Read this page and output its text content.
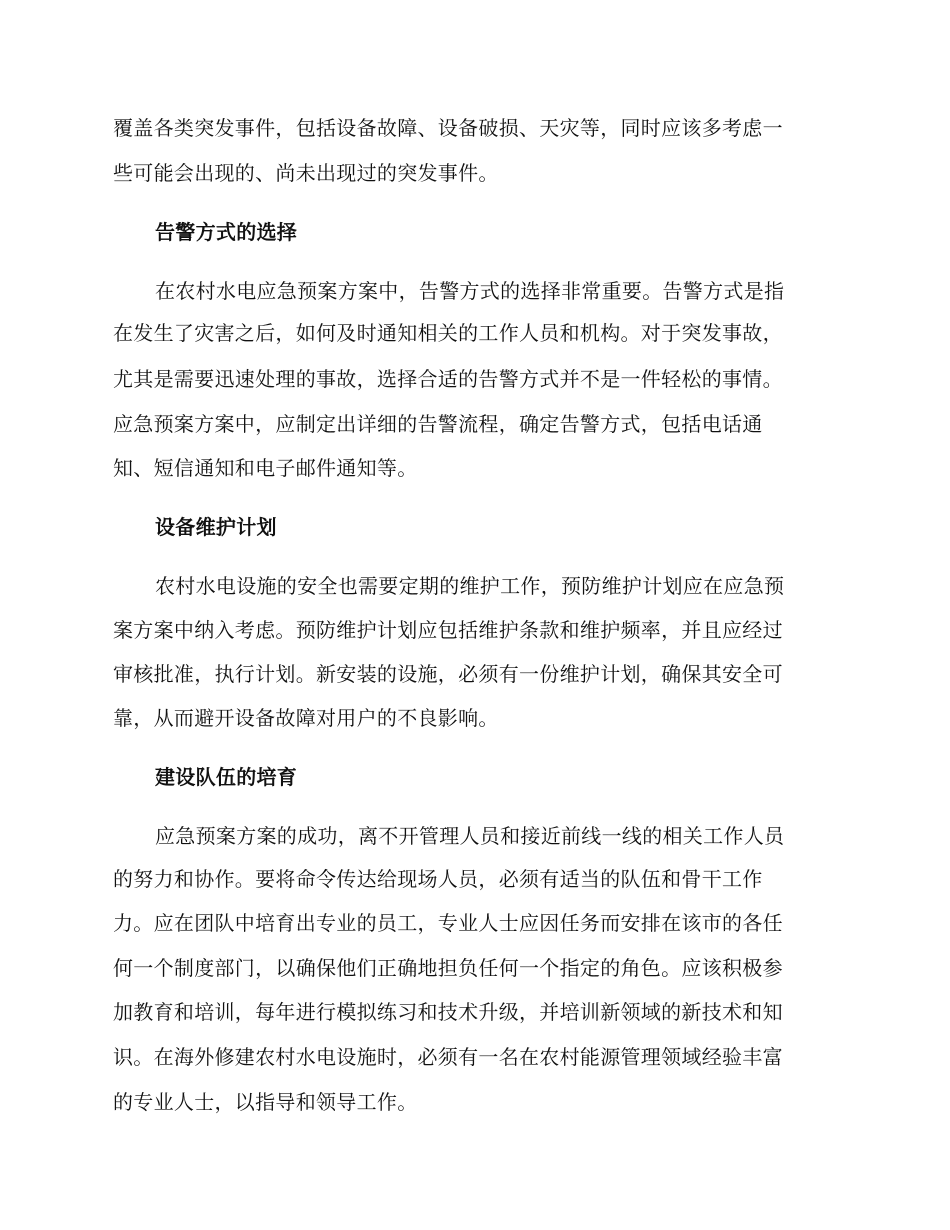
覆盖各类突发事件，包括设备故障、设备破损、天灾等，同时应该多考虑一
些可能会出现的、尚未出现过的突发事件。
告警方式的选择
在农村水电应急预案方案中，告警方式的选择非常重要。告警方式是指
在发生了灾害之后，如何及时通知相关的工作人员和机构。对于突发事故，
尤其是需要迅速处理的事故，选择合适的告警方式并不是一件轻松的事情。
应急预案方案中，应制定出详细的告警流程，确定告警方式，包括电话通
知、短信通知和电子邮件通知等。
设备维护计划
农村水电设施的安全也需要定期的维护工作，预防维护计划应在应急预
案方案中纳入考虑。预防维护计划应包括维护条款和维护频率，并且应经过
审核批准，执行计划。新安装的设施，必须有一份维护计划，确保其安全可
靠，从而避开设备故障对用户的不良影响。
建设队伍的培育
应急预案方案的成功，离不开管理人员和接近前线一线的相关工作人员
的努力和协作。要将命令传达给现场人员，必须有适当的队伍和骨干工作
力。应在团队中培育出专业的员工，专业人士应因任务而安排在该市的各任
何一个制度部门，以确保他们正确地担负任何一个指定的角色。应该积极参
加教育和培训，每年进行模拟练习和技术升级，并培训新领域的新技术和知
识。在海外修建农村水电设施时，必须有一名在农村能源管理领域经验丰富
的专业人士，以指导和领导工作。
